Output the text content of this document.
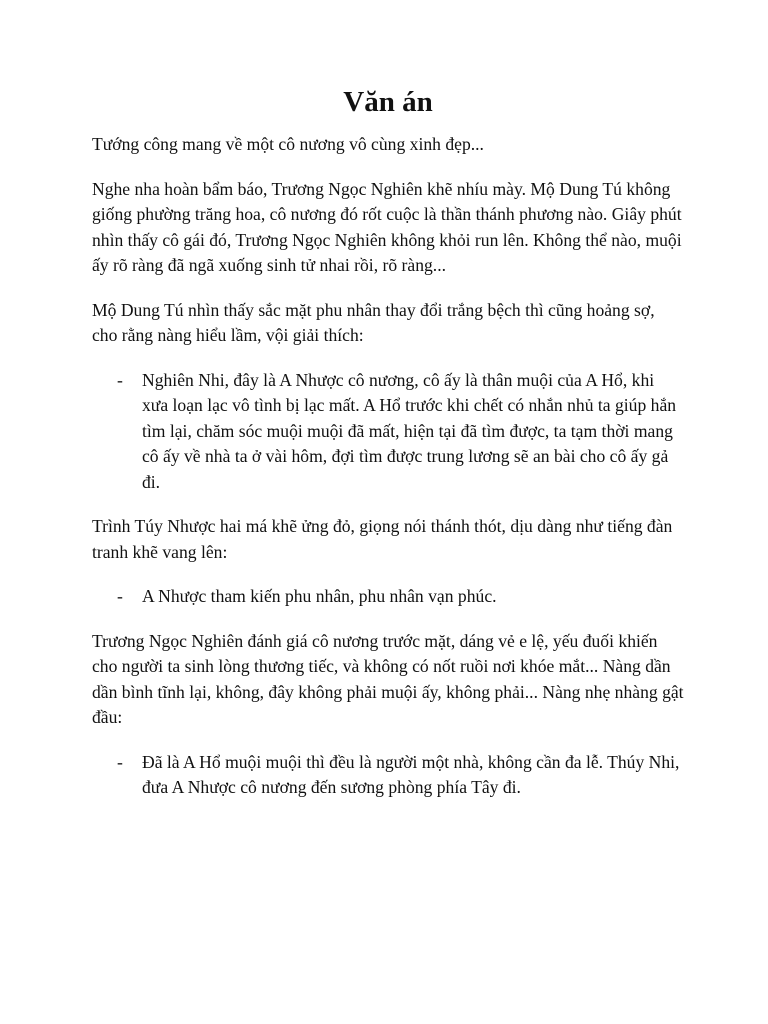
Văn án

Tướng công mang về một cô nương vô cùng xinh đẹp...

Nghe nha hoàn bẩm báo, Trương Ngọc Nghiên khẽ nhíu mày. Mộ Dung Tú không giống phường trăng hoa, cô nương đó rốt cuộc là thần thánh phương nào. Giây phút nhìn thấy cô gái đó, Trương Ngọc Nghiên không khỏi run lên. Không thể nào, muội ấy rõ ràng đã ngã xuống sinh tử nhai rồi, rõ ràng...

Mộ Dung Tú nhìn thấy sắc mặt phu nhân thay đổi trắng bệch thì cũng hoảng sợ, cho rằng nàng hiểu lầm, vội giải thích:

- Nghiên Nhi, đây là A Nhược cô nương, cô ấy là thân muội của A Hổ, khi xưa loạn lạc vô tình bị lạc mất. A Hổ trước khi chết có nhắn nhủ ta giúp hắn tìm lại, chăm sóc muội muội đã mất, hiện tại đã tìm được, ta tạm thời mang cô ấy về nhà ta ở vài hôm, đợi tìm được trung lương sẽ an bài cho cô ấy gả đi.

Trình Túy Nhược hai má khẽ ửng đỏ, giọng nói thánh thót, dịu dàng như tiếng đàn tranh khẽ vang lên:

- A Nhược tham kiến phu nhân, phu nhân vạn phúc.

Trương Ngọc Nghiên đánh giá cô nương trước mặt, dáng vẻ e lệ, yếu đuối khiến cho người ta sinh lòng thương tiếc, và không có nốt ruồi nơi khóe mắt... Nàng dần dần bình tĩnh lại, không, đây không phải muội ấy, không phải... Nàng nhẹ nhàng gật đầu:

- Đã là A Hổ muội muội thì đều là người một nhà, không cần đa lễ. Thúy Nhi, đưa A Nhược cô nương đến sương phòng phía Tây đi.
